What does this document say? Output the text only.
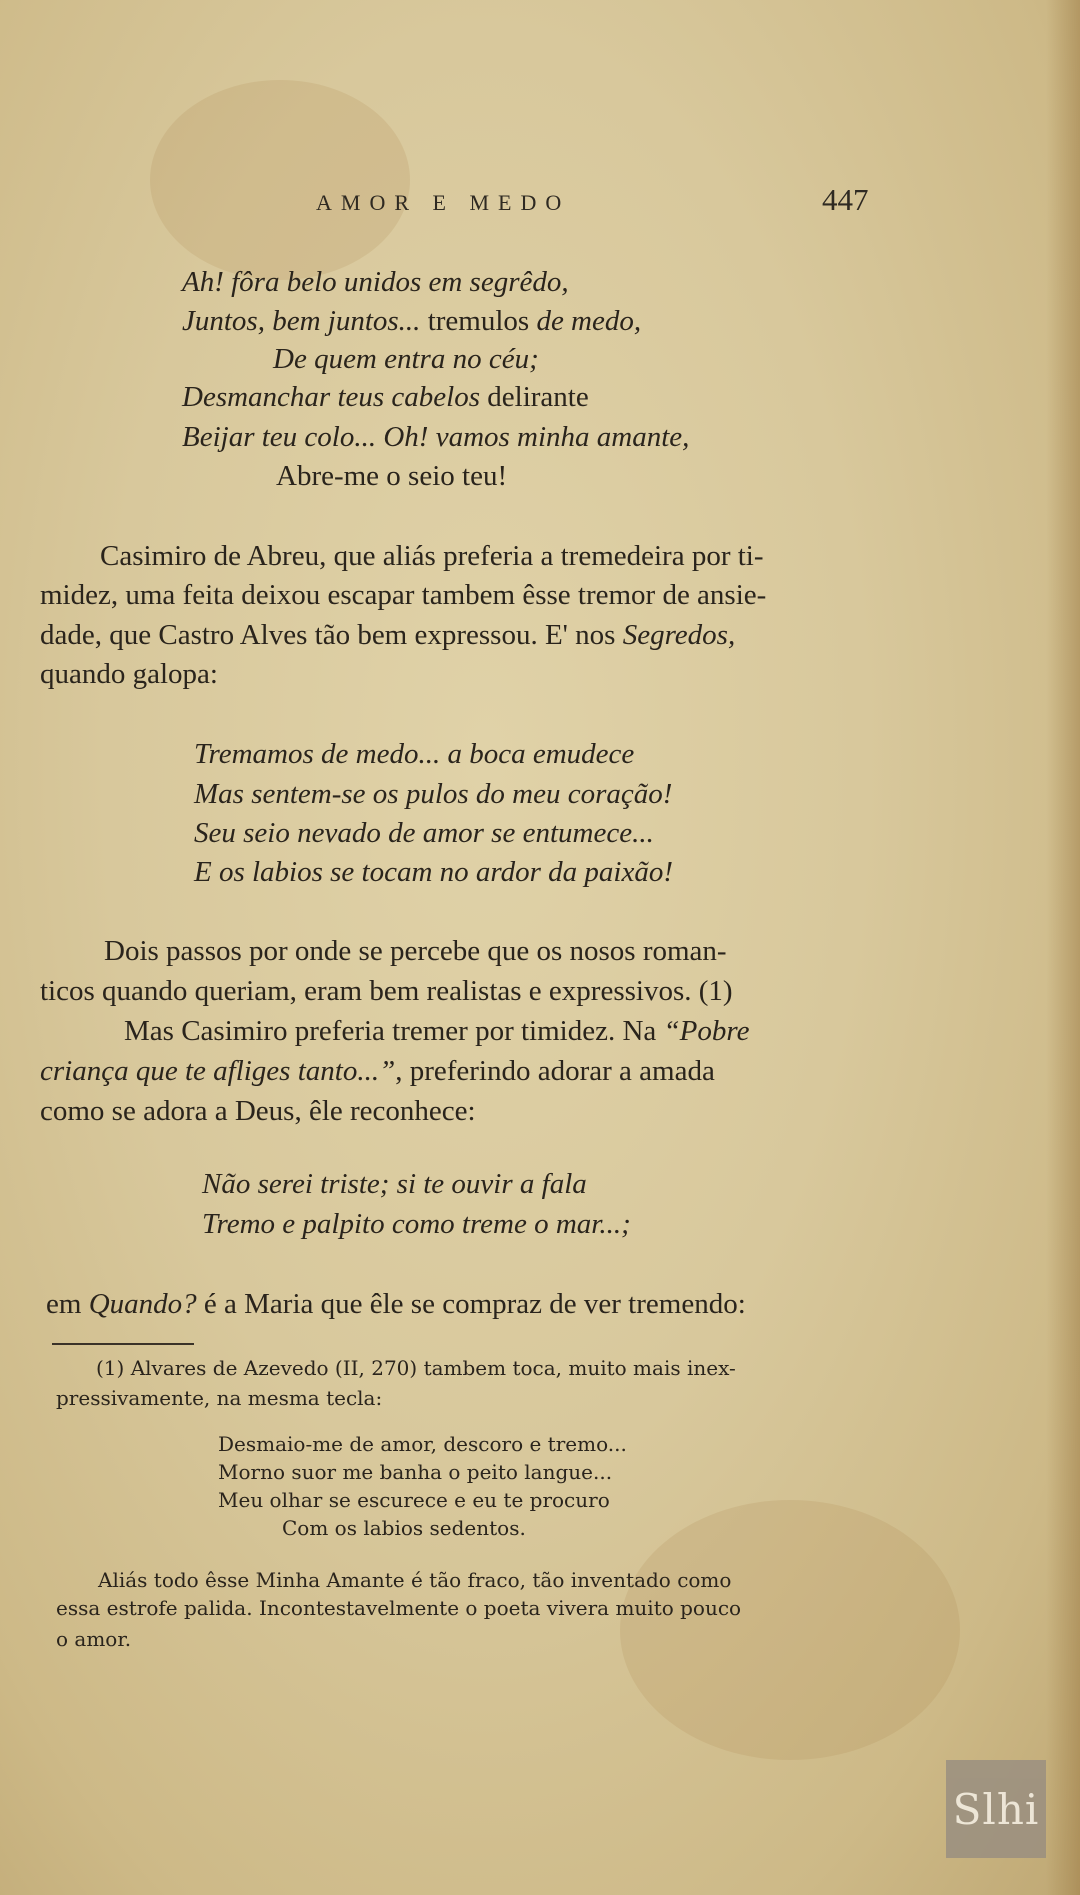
AMOR E MEDO	447
Ah! fôra belo unidos em segrêdo,
Juntos, bem juntos... tremulos de medo,
De quem entra no céu;
Desmanchar teus cabelos delirante
Beijar teu colo... Oh! vamos minha amante,
Abre-me o seio teu!
Casimiro de Abreu, que aliás preferia a tremedeira por ti-
midez, uma feita deixou escapar tambem êsse tremor de ansie-
dade, que Castro Alves tão bem expressou. E' nos Segredos,
quando galopa:
Tremamos de medo... a boca emudece
Mas sentem-se os pulos do meu coração!
Seu seio nevado de amor se entumece...
E os labios se tocam no ardor da paixão!
Dois passos por onde se percebe que os nosos roman-
ticos quando queriam, eram bem realistas e expressivos. (1)
Mas Casimiro preferia tremer por timidez. Na “Pobre
criança que te afliges tanto...”, preferindo adorar a amada
como se adora a Deus, êle reconhece:
Não serei triste; si te ouvir a fala
Tremo e palpito como treme o mar...;
em Quando? é a Maria que êle se compraz de ver tremendo:
(1) Alvares de Azevedo (II, 270) tambem toca, muito mais inex-
pressivamente, na mesma tecla:
Desmaio-me de amor, descoro e tremo...
Morno suor me banha o peito langue...
Meu olhar se escurece e eu te procuro
Com os labios sedentos.
Aliás todo êsse Minha Amante é tão fraco, tão inventado como
essa estrofe palida. Incontestavelmente o poeta vivera muito pouco
o amor.
Slhi
